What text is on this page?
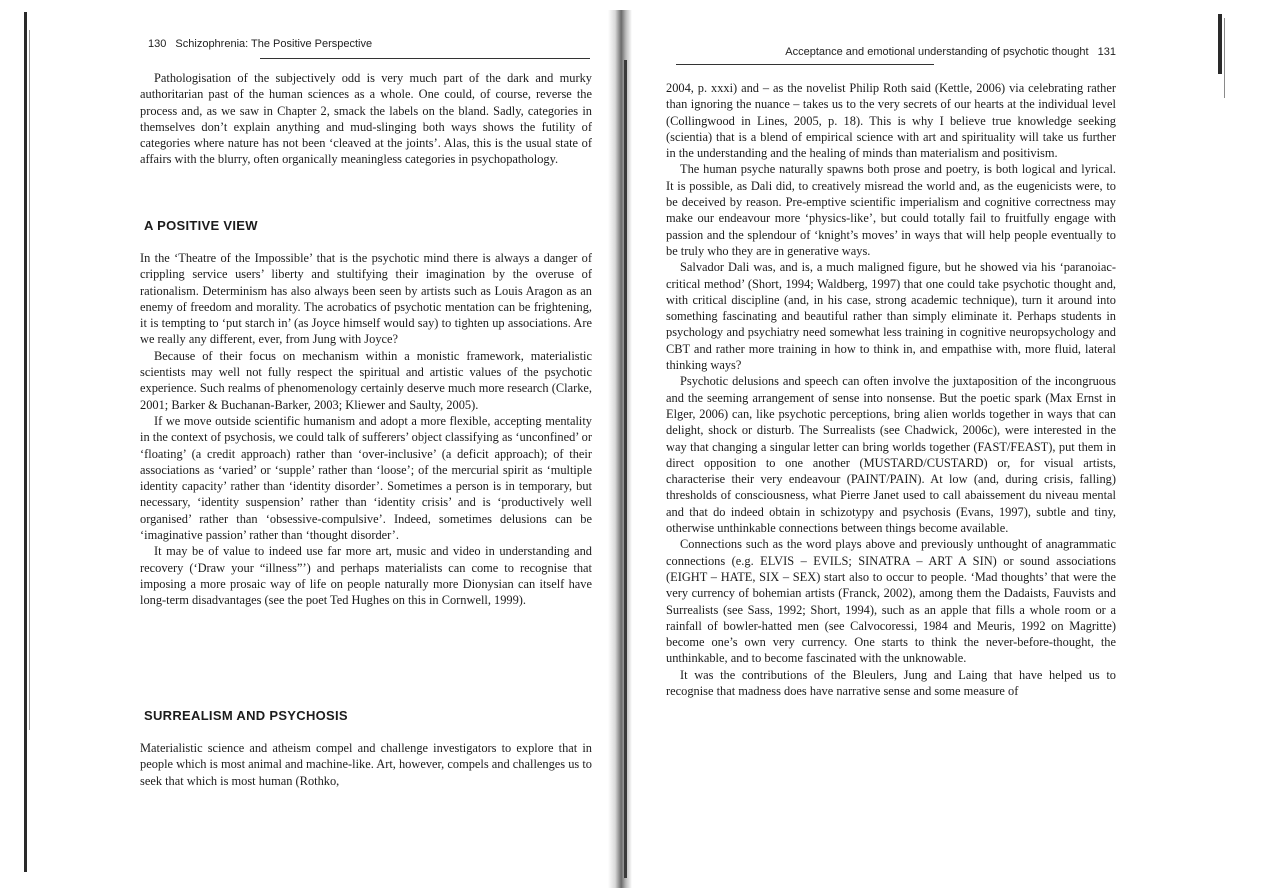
130 Schizophrenia: The Positive Perspective

Pathologisation of the subjectively odd is very much part of the dark and murky authoritarian past of the human sciences as a whole. One could, of course, reverse the process and, as we saw in Chapter 2, smack the labels on the bland. Sadly, categories in themselves don’t explain anything and mud-slinging both ways shows the futility of categories where nature has not been ‘cleaved at the joints’. Alas, this is the usual state of affairs with the blurry, often organically meaningless categories in psychopathology.

A POSITIVE VIEW

In the ‘Theatre of the Impossible’ that is the psychotic mind there is always a danger of crippling service users’ liberty and stultifying their imagination by the overuse of rationalism. Determinism has also always been seen by artists such as Louis Aragon as an enemy of freedom and morality. The acrobatics of psychotic mentation can be frightening, it is tempting to ‘put starch in’ (as Joyce himself would say) to tighten up associations. Are we really any different, ever, from Jung with Joyce?

Because of their focus on mechanism within a monistic framework, materialistic scientists may well not fully respect the spiritual and artistic values of the psychotic experience. Such realms of phenomenology certainly deserve much more research (Clarke, 2001; Barker & Buchanan-Barker, 2003; Kliewer and Saulty, 2005).

If we move outside scientific humanism and adopt a more flexible, accepting mentality in the context of psychosis, we could talk of sufferers’ object classifying as ‘unconfined’ or ‘floating’ (a credit approach) rather than ‘over-inclusive’ (a deficit approach); of their associations as ‘varied’ or ‘supple’ rather than ‘loose’; of the mercurial spirit as ‘multiple identity capacity’ rather than ‘identity disorder’. Sometimes a person is in temporary, but necessary, ‘identity suspension’ rather than ‘identity crisis’ and is ‘productively well organised’ rather than ‘obsessive-compulsive’. Indeed, sometimes delusions can be ‘imaginative passion’ rather than ‘thought disorder’.

It may be of value to indeed use far more art, music and video in understanding and recovery (‘Draw your “illness”’) and perhaps materialists can come to recognise that imposing a more prosaic way of life on people naturally more Dionysian can itself have long-term disadvantages (see the poet Ted Hughes on this in Cornwell, 1999).

SURREALISM AND PSYCHOSIS

Materialistic science and atheism compel and challenge investigators to explore that in people which is most animal and machine-like. Art, however, compels and challenges us to seek that which is most human (Rothko,

Acceptance and emotional understanding of psychotic thought 131

2004, p. xxxi) and – as the novelist Philip Roth said (Kettle, 2006) via celebrating rather than ignoring the nuance – takes us to the very secrets of our hearts at the individual level (Collingwood in Lines, 2005, p. 18). This is why I believe true knowledge seeking (scientia) that is a blend of empirical science with art and spirituality will take us further in the understanding and the healing of minds than materialism and positivism.

The human psyche naturally spawns both prose and poetry, is both logical and lyrical. It is possible, as Dali did, to creatively misread the world and, as the eugenicists were, to be deceived by reason. Pre-emptive scientific imperialism and cognitive correctness may make our endeavour more ‘physics-like’, but could totally fail to fruitfully engage with passion and the splendour of ‘knight’s moves’ in ways that will help people eventually to be truly who they are in generative ways.

Salvador Dali was, and is, a much maligned figure, but he showed via his ‘paranoiac-critical method’ (Short, 1994; Waldberg, 1997) that one could take psychotic thought and, with critical discipline (and, in his case, strong academic technique), turn it around into something fascinating and beautiful rather than simply eliminate it. Perhaps students in psychology and psychiatry need somewhat less training in cognitive neuropsychology and CBT and rather more training in how to think in, and empathise with, more fluid, lateral thinking ways?

Psychotic delusions and speech can often involve the juxtaposition of the incongruous and the seeming arrangement of sense into nonsense. But the poetic spark (Max Ernst in Elger, 2006) can, like psychotic perceptions, bring alien worlds together in ways that can delight, shock or disturb. The Surrealists (see Chadwick, 2006c), were interested in the way that changing a singular letter can bring worlds together (FAST/FEAST), put them in direct opposition to one another (MUSTARD/CUSTARD) or, for visual artists, characterise their very endeavour (PAINT/PAIN). At low (and, during crisis, falling) thresholds of consciousness, what Pierre Janet used to call abaissement du niveau mental and that do indeed obtain in schizotypy and psychosis (Evans, 1997), subtle and tiny, otherwise unthinkable connections between things become available.

Connections such as the word plays above and previously unthought of anagrammatic connections (e.g. ELVIS – EVILS; SINATRA – ART A SIN) or sound associations (EIGHT – HATE, SIX – SEX) start also to occur to people. ‘Mad thoughts’ that were the very currency of bohemian artists (Franck, 2002), among them the Dadaists, Fauvists and Surrealists (see Sass, 1992; Short, 1994), such as an apple that fills a whole room or a rainfall of bowler-hatted men (see Calvocoressi, 1984 and Meuris, 1992 on Magritte) become one’s own very currency. One starts to think the never-before-thought, the unthinkable, and to become fascinated with the unknowable.

It was the contributions of the Bleulers, Jung and Laing that have helped us to recognise that madness does have narrative sense and some measure of
